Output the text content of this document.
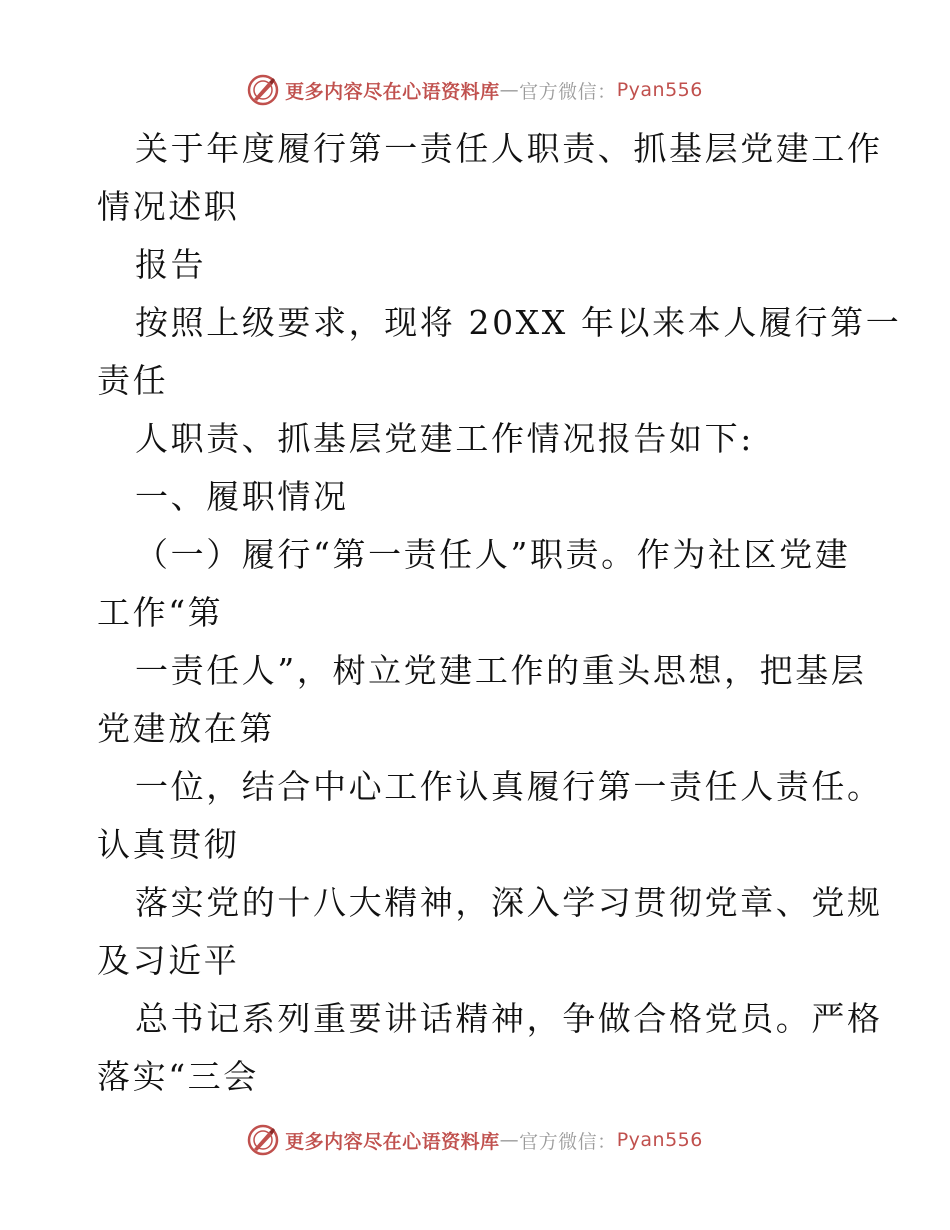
更多内容尽在心语资料库 — 官方微信： Pyan556
关于年度履行第一责任人职责、抓基层党建工作
情况述职
报告
按照上级要求，现将 20XX 年以来本人履行第一
责任
人职责、抓基层党建工作情况报告如下:
一、履职情况
（一）履行“第一责任人”职责。作为社区党建
工作“第
一责任人”，树立党建工作的重头思想，把基层
党建放在第
一位，结合中心工作认真履行第一责任人责任。
认真贯彻
落实党的十八大精神，深入学习贯彻党章、党规
及习近平
总书记系列重要讲话精神，争做合格党员。严格
落实“三会
更多内容尽在心语资料库 — 官方微信： Pyan556
